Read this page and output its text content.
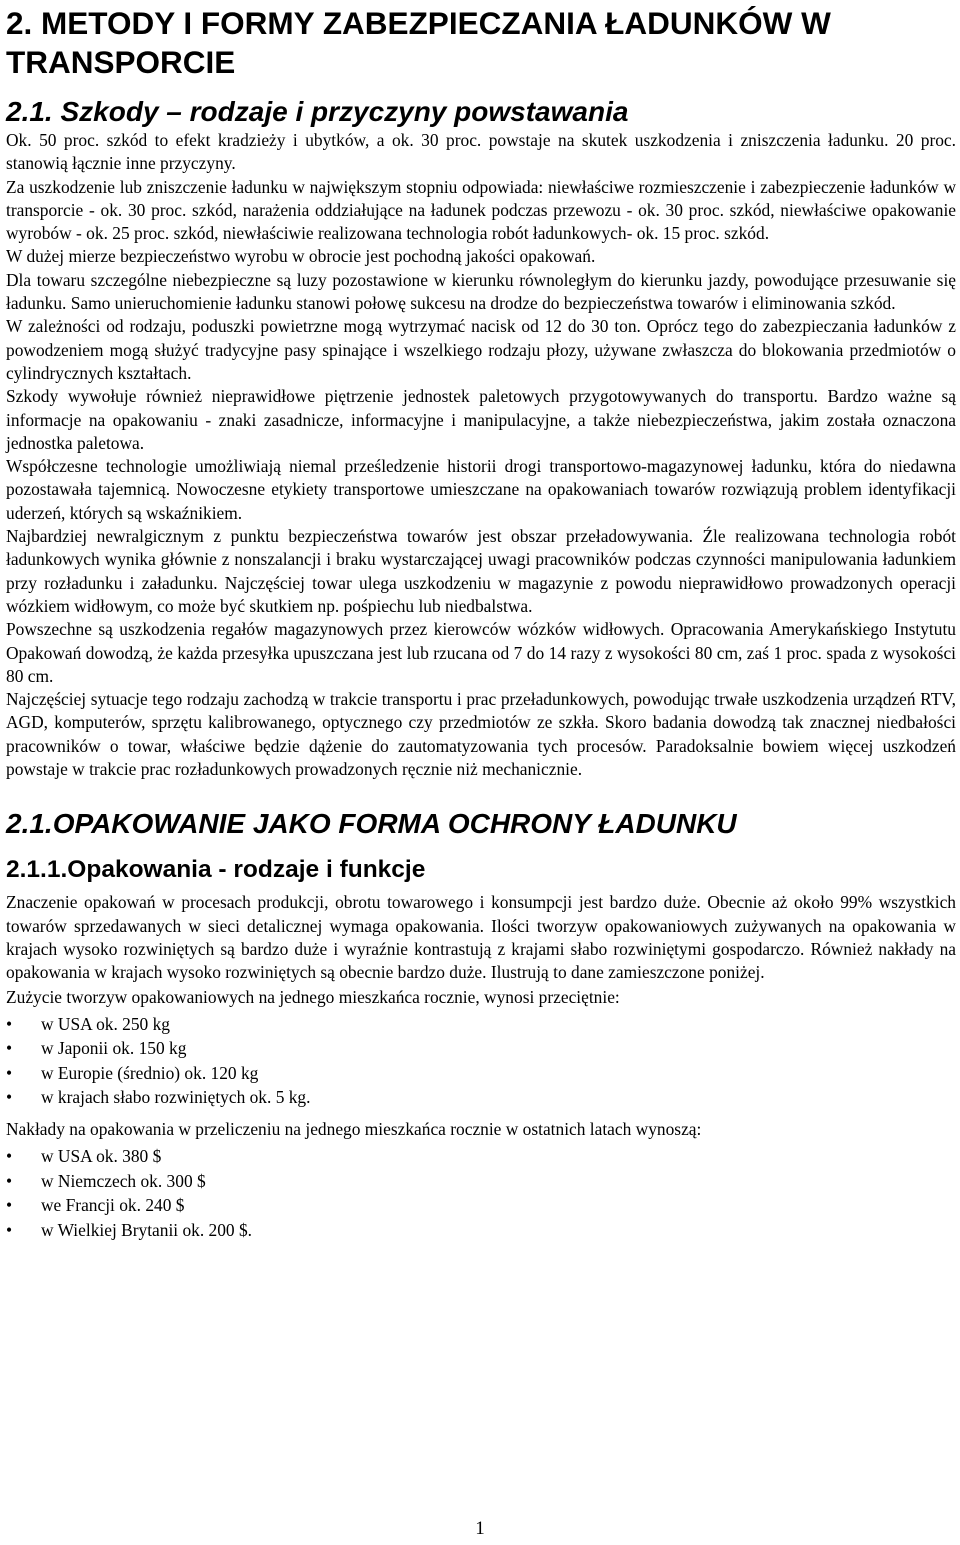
2. METODY I FORMY ZABEZPIECZANIA ŁADUNKÓW W TRANSPORCIE
2.1. Szkody – rodzaje i przyczyny powstawania

Ok. 50 proc. szkód to efekt kradzieży i ubytków, a ok. 30 proc. powstaje na skutek uszkodzenia i zniszczenia ładunku. 20 proc. stanowią łącznie inne przyczyny.

Za uszkodzenie lub zniszczenie ładunku w największym stopniu odpowiada: niewłaściwe rozmieszczenie i zabezpieczenie ładunków w transporcie - ok. 30 proc. szkód, narażenia oddziałujące na ładunek podczas przewozu - ok. 30 proc. szkód, niewłaściwe opakowanie wyrobów - ok. 25 proc. szkód, niewłaściwie realizowana technologia robót ładunkowych- ok. 15 proc. szkód.

W dużej mierze bezpieczeństwo wyrobu w obrocie jest pochodną jakości opakowań.

Dla towaru szczególne niebezpieczne są luzy pozostawione w kierunku równoległym do kierunku jazdy, powodujące przesuwanie się ładunku. Samo unieruchomienie ładunku stanowi połowę sukcesu na drodze do bezpieczeństwa towarów i eliminowania szkód.

W zależności od rodzaju, poduszki powietrzne mogą wytrzymać nacisk od 12 do 30 ton. Oprócz tego do zabezpieczania ładunków z powodzeniem mogą służyć tradycyjne pasy spinające i wszelkiego rodzaju płozy, używane zwłaszcza do blokowania przedmiotów o cylindrycznych kształtach.

Szkody wywołuje również nieprawidłowe piętrzenie jednostek paletowych przygotowywanych do transportu. Bardzo ważne są informacje na opakowaniu - znaki zasadnicze, informacyjne i manipulacyjne, a także niebezpieczeństwa, jakim została oznaczona jednostka paletowa.

Współczesne technologie umożliwiają niemal prześledzenie historii drogi transportowo-magazynowej ładunku, która do niedawna pozostawała tajemnicą. Nowoczesne etykiety transportowe umieszczane na opakowaniach towarów rozwiązują problem identyfikacji uderzeń, których są wskaźnikiem.

Najbardziej newralgicznym z punktu bezpieczeństwa towarów jest obszar przeładowywania. Źle realizowana technologia robót ładunkowych wynika głównie z nonszalancji i braku wystarczającej uwagi pracowników podczas czynności manipulowania ładunkiem przy rozładunku i załadunku. Najczęściej towar ulega uszkodzeniu w magazynie z powodu nieprawidłowo prowadzonych operacji wózkiem widłowym, co może być skutkiem np. pośpiechu lub niedbalstwa.

Powszechne są uszkodzenia regałów magazynowych przez kierowców wózków widłowych. Opracowania Amerykańskiego Instytutu Opakowań dowodzą, że każda przesyłka upuszczana jest lub rzucana od 7 do 14 razy z wysokości 80 cm, zaś 1 proc. spada z wysokości 80 cm.

Najczęściej sytuacje tego rodzaju zachodzą w trakcie transportu i prac przeładunkowych, powodując trwałe uszkodzenia urządzeń RTV, AGD, komputerów, sprzętu kalibrowanego, optycznego czy przedmiotów ze szkła. Skoro badania dowodzą tak znacznej niedbałości pracowników o towar, właściwe będzie dążenie do zautomatyzowania tych procesów. Paradoksalnie bowiem więcej uszkodzeń powstaje w trakcie prac rozładunkowych prowadzonych ręcznie niż mechanicznie.

2.1.OPAKOWANIE JAKO FORMA OCHRONY ŁADUNKU
2.1.1.Opakowania - rodzaje i funkcje

Znaczenie opakowań w procesach produkcji, obrotu towarowego i konsumpcji jest bardzo duże. Obecnie aż około 99% wszystkich towarów sprzedawanych w sieci detalicznej wymaga opakowania. Ilości tworzyw opakowaniowych zużywanych na opakowania w krajach wysoko rozwiniętych są bardzo duże i wyraźnie kontrastują z krajami słabo rozwiniętymi gospodarczo. Również nakłady na opakowania w krajach wysoko rozwiniętych są obecnie bardzo duże. Ilustrują to dane zamieszczone poniżej.

Zużycie tworzyw opakowaniowych na jednego mieszkańca rocznie, wynosi przeciętnie:

• w USA ok. 250 kg
• w Japonii ok. 150 kg
• w Europie (średnio) ok. 120 kg
• w krajach słabo rozwiniętych ok. 5 kg.

Nakłady na opakowania w przeliczeniu na jednego mieszkańca rocznie w ostatnich latach wynoszą:

• w USA ok. 380 $
• w Niemczech ok. 300 $
• we Francji ok. 240 $
• w Wielkiej Brytanii ok. 200 $.
1
